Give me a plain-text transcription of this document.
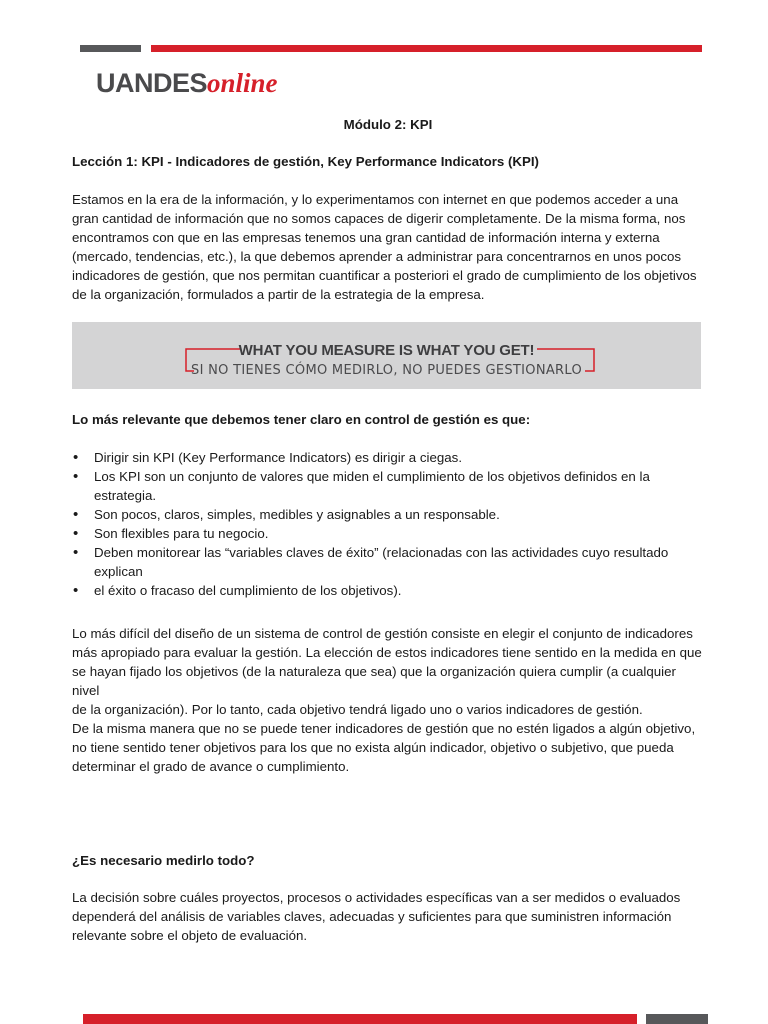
UANDESonline
Módulo 2: KPI
Lección 1: KPI - Indicadores de gestión, Key Performance Indicators (KPI)
Estamos en la era de la información, y lo experimentamos con internet en que podemos acceder a una gran cantidad de información que no somos capaces de digerir completamente. De la misma forma, nos encontramos con que en las empresas tenemos una gran cantidad de información interna y externa (mercado, tendencias, etc.), la que debemos aprender a administrar para concentrarnos en unos pocos indicadores de gestión, que nos permitan cuantificar a posteriori el grado de cumplimiento de los objetivos de la organización, formulados a partir de la estrategia de la empresa.
WHAT YOU MEASURE IS WHAT YOU GET!
SI NO TIENES CÓMO MEDIRLO, NO PUEDES GESTIONARLO
Lo más relevante que debemos tener claro en control de gestión es que:
• Dirigir sin KPI (Key Performance Indicators) es dirigir a ciegas.
• Los KPI son un conjunto de valores que miden el cumplimiento de los objetivos definidos en la estrategia.
• Son pocos, claros, simples, medibles y asignables a un responsable.
• Son flexibles para tu negocio.
• Deben monitorear las “variables claves de éxito” (relacionadas con las actividades cuyo resultado explican
• el éxito o fracaso del cumplimiento de los objetivos).

Lo más difícil del diseño de un sistema de control de gestión consiste en elegir el conjunto de indicadores

más apropiado para evaluar la gestión. La elección de estos indicadores tiene sentido en la medida en que

se hayan fijado los objetivos (de la naturaleza que sea) que la organización quiera cumplir (a cualquier nivel

de la organización). Por lo tanto, cada objetivo tendrá ligado uno o varios indicadores de gestión.

De la misma manera que no se puede tener indicadores de gestión que no estén ligados a algún objetivo,

no tiene sentido tener objetivos para los que no exista algún indicador, objetivo o subjetivo, que pueda determinar el grado de avance o cumplimiento.

¿Es necesario medirlo todo?
La decisión sobre cuáles proyectos, procesos o actividades específicas van a ser medidos o evaluados dependerá del análisis de variables claves, adecuadas y suficientes para que suministren información relevante sobre el objeto de evaluación.
